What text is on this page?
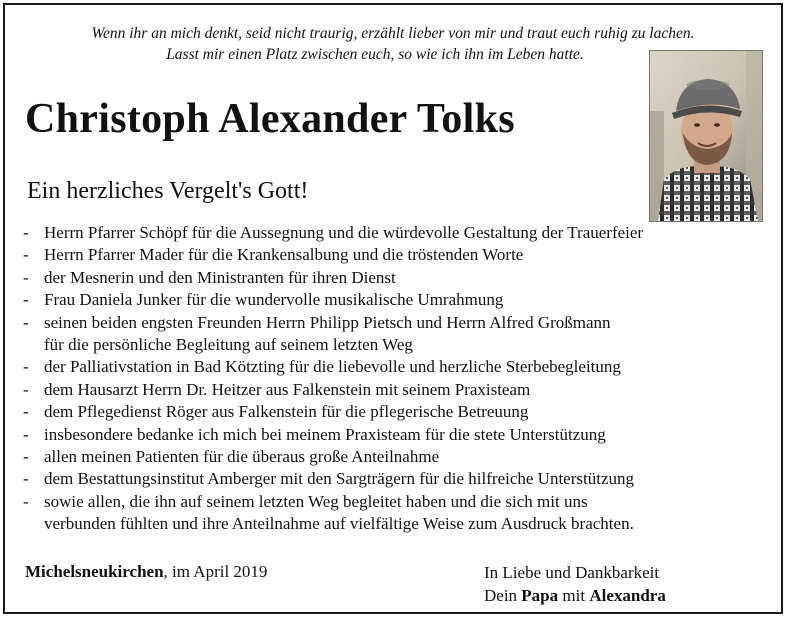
Wenn ihr an mich denkt, seid nicht traurig, erzählt lieber von mir und traut euch ruhig zu lachen.
Lasst mir einen Platz zwischen euch, so wie ich ihn im Leben hatte.
Christoph Alexander Tolks
Ein herzliches Vergelt's Gott!
- Herrn Pfarrer Schöpf für die Aussegnung und die würdevolle Gestaltung der Trauerfeier
- Herrn Pfarrer Mader für die Krankensalbung und die tröstenden Worte
- der Mesnerin und den Ministranten für ihren Dienst
- Frau Daniela Junker für die wundervolle musikalische Umrahmung
- seinen beiden engsten Freunden Herrn Philipp Pietsch und Herrn Alfred Großmann
für die persönliche Begleitung auf seinem letzten Weg
- der Palliativstation in Bad Kötzting für die liebevolle und herzliche Sterbebegleitung
- dem Hausarzt Herrn Dr. Heitzer aus Falkenstein mit seinem Praxisteam
- dem Pflegedienst Röger aus Falkenstein für die pflegerische Betreuung
- insbesondere bedanke ich mich bei meinem Praxisteam für die stete Unterstützung
- allen meinen Patienten für die überaus große Anteilnahme
- dem Bestattungsinstitut Amberger mit den Sargträgern für die hilfreiche Unterstützung
- sowie allen, die ihn auf seinem letzten Weg begleitet haben und die sich mit uns
verbunden fühlten und ihre Anteilnahme auf vielfältige Weise zum Ausdruck brachten.
Michelsneukirchen, im April 2019	In Liebe und Dankbarkeit
Dein Papa mit Alexandra
